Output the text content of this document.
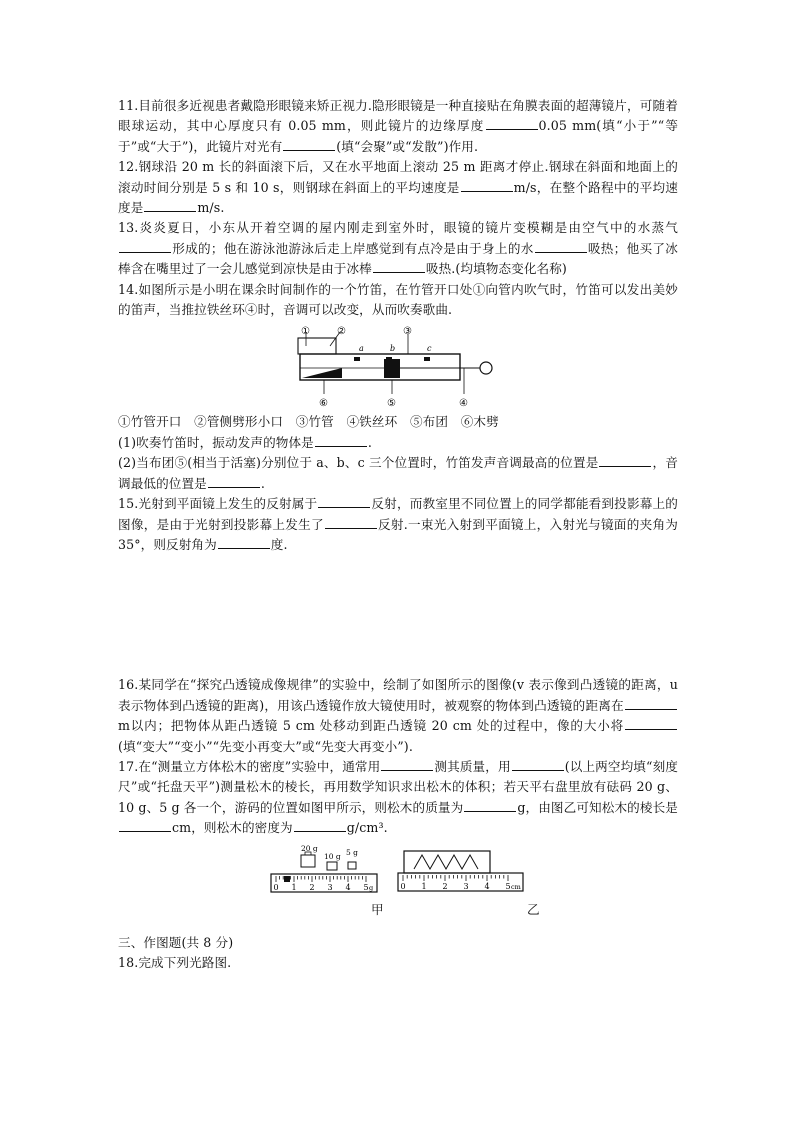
11.目前很多近视患者戴隐形眼镜来矫正视力.隐形眼镜是一种直接贴在角膜表面的超薄镜片，可随着眼球运动，其中心厚度只有 0.05 mm，则此镜片的边缘厚度	0.05 mm(填“小于”“等于”或“大于”)，此镜片对光有	(填“会聚”或“发散”)作用.

12.钢球沿 20 m 长的斜面滚下后，又在水平地面上滚动 25 m 距离才停止.钢球在斜面和地面上的滚动时间分别是 5 s 和 10 s，则钢球在斜面上的平均速度是	m/s，在整个路程中的平均速度是	m/s.

13.炎炎夏日，小东从开着空调的屋内刚走到室外时，眼镜的镜片变模糊是由空气中的水蒸气形成的；他在游泳池游泳后走上岸感觉到有点冷是由于身上的水	吸热；他买了冰棒含在嘴里过了一会儿感觉到凉快是由于冰棒	吸热.(均填物态变化名称)

14.如图所示是小明在课余时间制作的一个竹笛，在竹管开口处①向管内吹气时，竹笛可以发出美妙的笛声，当推拉铁丝环④时，音调可以改变，从而吹奏歌曲.

①	②	③
④
⑤
⑥
a	b	c

①竹管开口　②管侧劈形小口　③竹管　④铁丝环　⑤布团　⑥木劈

(1)吹奏竹笛时，振动发声的物体是	.

(2)当布团⑤(相当于活塞)分别位于 a、b、c 三个位置时，竹笛发声音调最高的位置是	，音调最低的位置是	.

15.光射到平面镜上发生的反射属于	反射，而教室里不同位置上的同学都能看到投影幕上的图像，是由于光射到投影幕上发生了	反射.一束光入射到平面镜上，入射光与镜面的夹角为 35°，则反射角为	度.

16.某同学在“探究凸透镜成像规律”的实验中，绘制了如图所示的图像(v 表示像到凸透镜的距离，u 表示物体到凸透镜的距离)，用该凸透镜作放大镜使用时，被观察的物体到凸透镜的距离在m以内；把物体从距凸透镜 5 cm 处移动到距凸透镜 20 cm 处的过程中，像的大小将(填“变大”“变小”“先变小再变大”或“先变大再变小”).

17.在“测量立方体松木的密度”实验中，通常用	测其质量，用	(以上两空均填“刻度尺”或“托盘天平”)测量松木的棱长，再用数学知识求出松木的体积；若天平右盘里放有砝码 20 g、10 g、5 g 各一个，游码的位置如图甲所示，则松木的质量为	g，由图乙可知松木的棱长是cm，则松木的密度为	g/cm³.

20 g
10 g 5 g
0 1 2 3 4 5 g	0 1 2 3 4 5 cm
甲	乙

三、作图题(共 8 分)

18.完成下列光路图.
